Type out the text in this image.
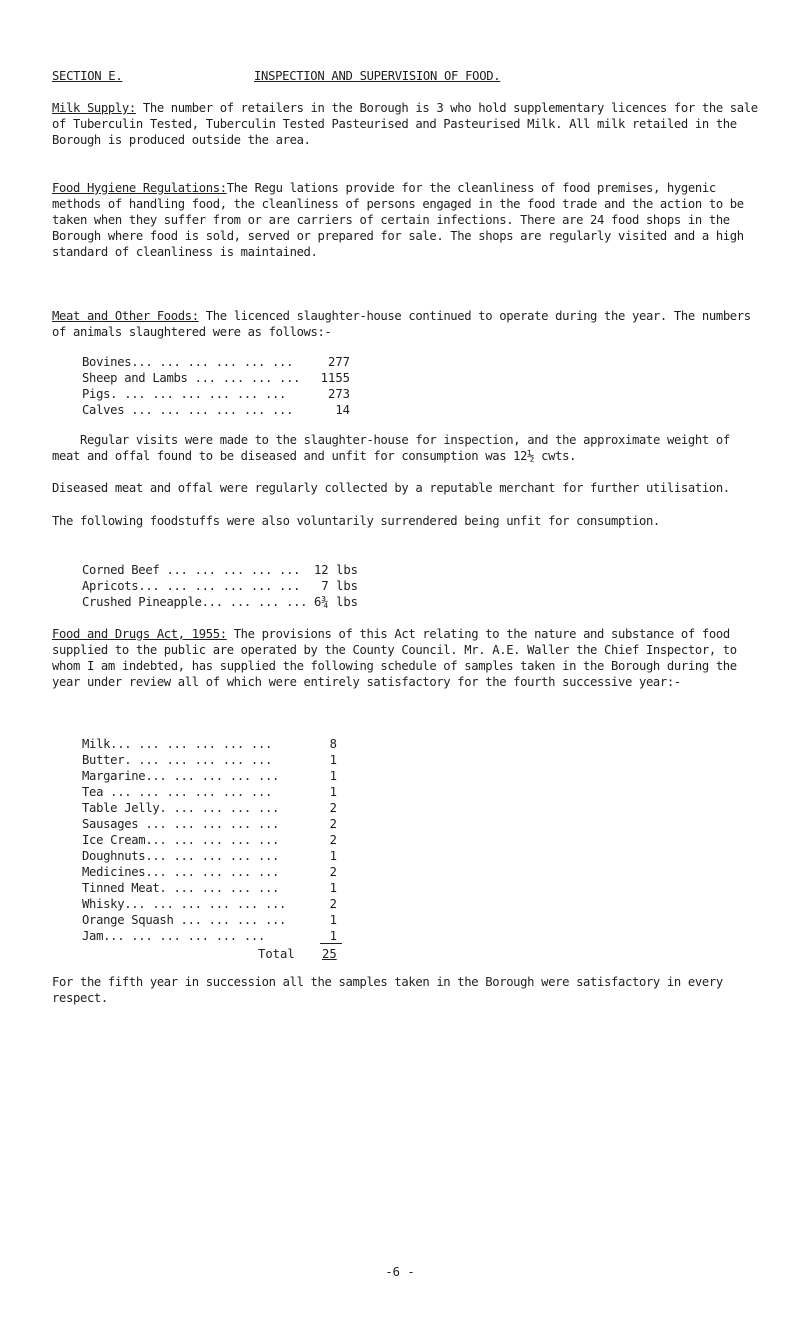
SECTION E.	INSPECTION AND SUPERVISION OF FOOD.

Milk Supply: The number of retailers in the Borough is 3 who hold supplementary licences for the sale of Tuberculin Tested, Tuberculin Tested Pasteurised and Pasteurised Milk. All milk retailed in the Borough is produced outside the area.

Food Hygiene Regulations:The Regu lations provide for the cleanliness of food premises, hygenic methods of handling food, the cleanliness of persons engaged in the food trade and the action to be taken when they suffer from or are carriers of certain infections. There are 24 food shops in the Borough where food is sold, served or prepared for sale. The shops are regularly visited and a high standard of cleanliness is maintained.

Meat and Other Foods: The licenced slaughter-house continued to operate during the year. The numbers of animals slaughtered were as follows:-

Bovines... ... ... ... ... ...	277
Sheep and Lambs ... ... ... ... 1155
Pigs. ... ... ... ... ... ...	273
Calves ... ... ... ... ... ...	14

Regular visits were made to the slaughter-house for inspection, and the approximate weight of meat and offal found to be diseased and unfit for consumption was 12½ cwts.

Diseased meat and offal were regularly collected by a reputable merchant for further utilisation.

The following foodstuffs were also voluntarily surrendered being unfit for consumption.

Corned Beef ... ... ... ... ... 12 lbs
Apricots... ... ... ... ... ... 7 lbs
Crushed Pineapple... ... ... ... 6¾ lbs

Food and Drugs Act, 1955: The provisions of this Act relating to the nature and substance of food supplied to the public are operated by the County Council. Mr. A.E. Waller the Chief Inspector, to whom I am indebted, has supplied the following schedule of samples taken in the Borough during the year under review all of which were entirely satisfactory for the fourth successive year:-

Milk... ... ... ... ... ...	8
Butter. ... ... ... ... ...	1
Margarine... ... ... ... ...	1
Tea ... ... ... ... ... ...	1
Table Jelly. ... ... ... ...	2
Sausages ... ... ... ... ...	2
Ice Cream... ... ... ... ...	2
Doughnuts... ... ... ... ...	1
Medicines... ... ... ... ...	2
Tinned Meat. ... ... ... ...	1
Whisky... ... ... ... ... ...	2
Orange Squash ... ... ... ...	1
Jam... ... ... ... ... ...	1
Total 25

For the fifth year in succession all the samples taken in the Borough were satisfactory in every respect.

-6 -
